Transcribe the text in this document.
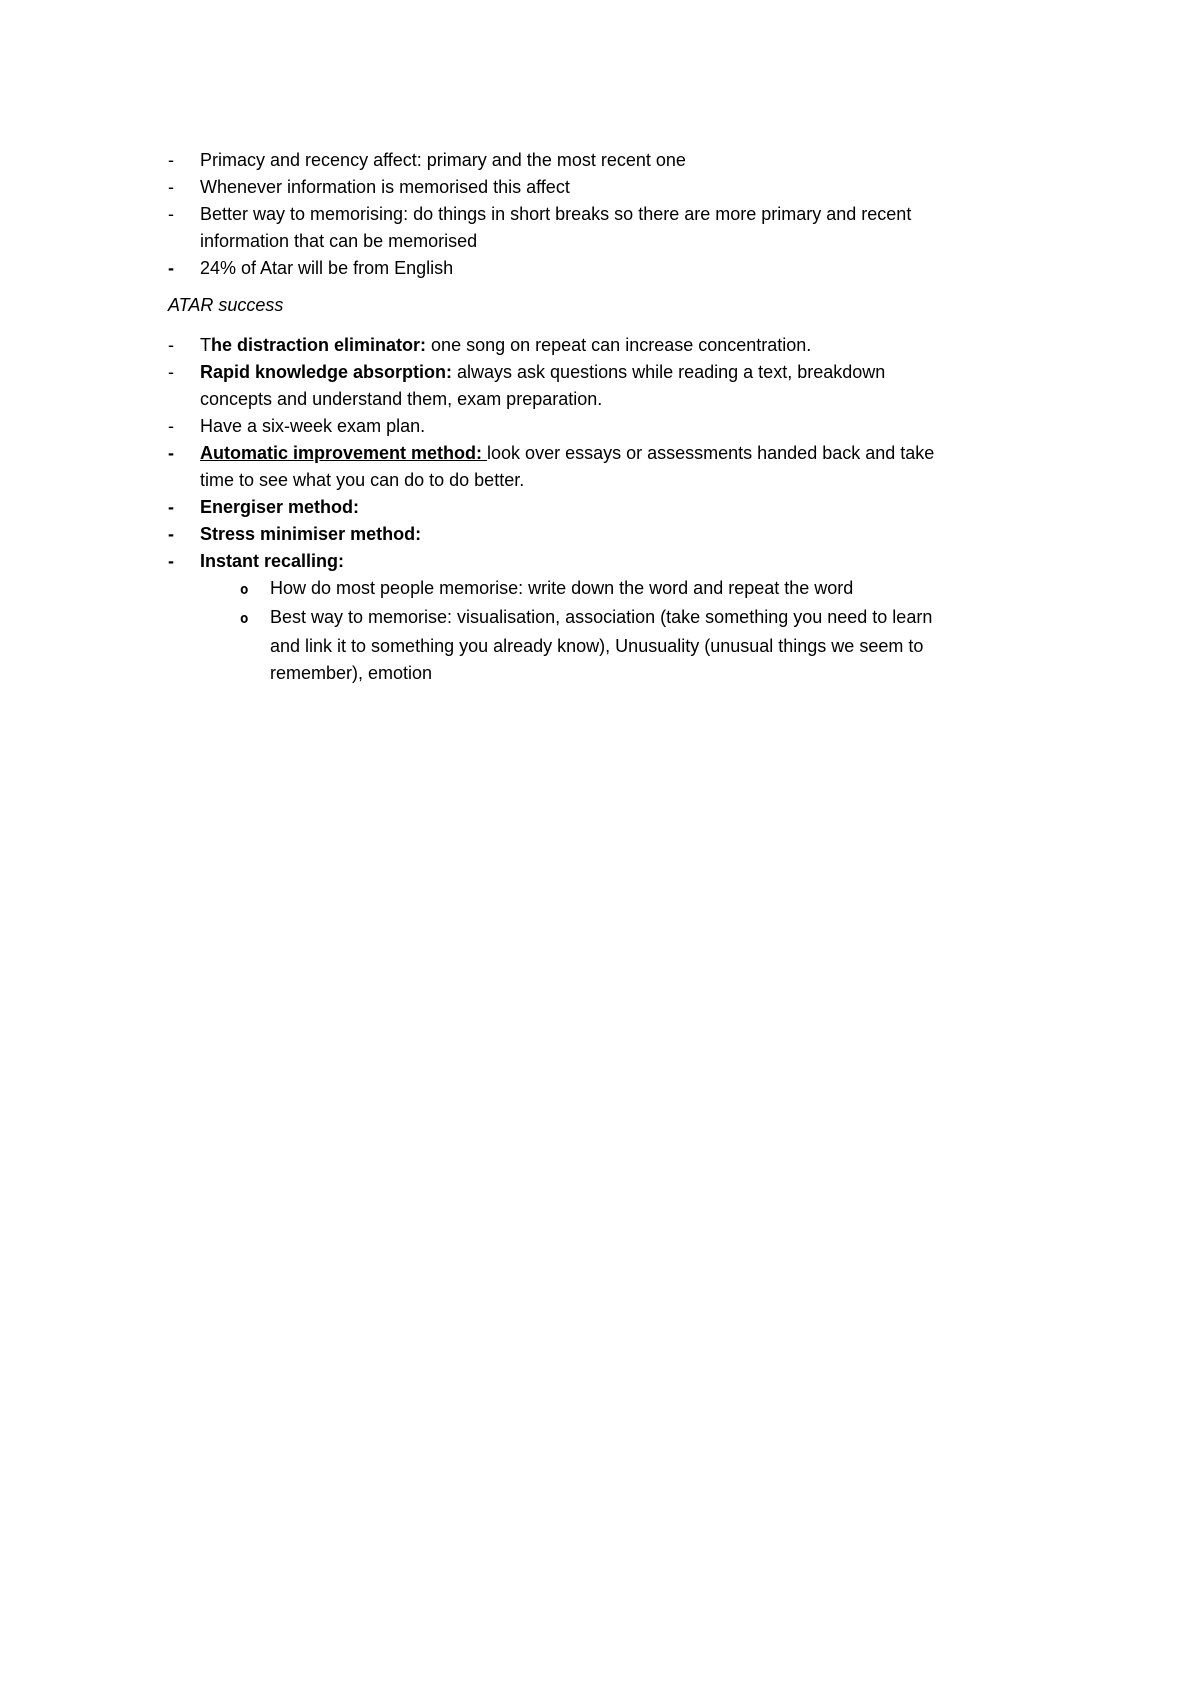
- Primacy and recency affect: primary and the most recent one
- Whenever information is memorised this affect
- Better way to memorising: do things in short breaks so there are more primary and recent
information that can be memorised
- 24% of Atar will be from English
ATAR success
- The distraction eliminator: one song on repeat can increase concentration.
- Rapid knowledge absorption: always ask questions while reading a text, breakdown
concepts and understand them, exam preparation.
- Have a six-week exam plan.
- Automatic improvement method: look over essays or assessments handed back and take
time to see what you can do to do better.
- Energiser method:
- Stress minimiser method:
- Instant recalling:
o How do most people memorise: write down the word and repeat the word
o Best way to memorise: visualisation, association (take something you need to learn
and link it to something you already know), Unusuality (unusual things we seem to
remember), emotion
